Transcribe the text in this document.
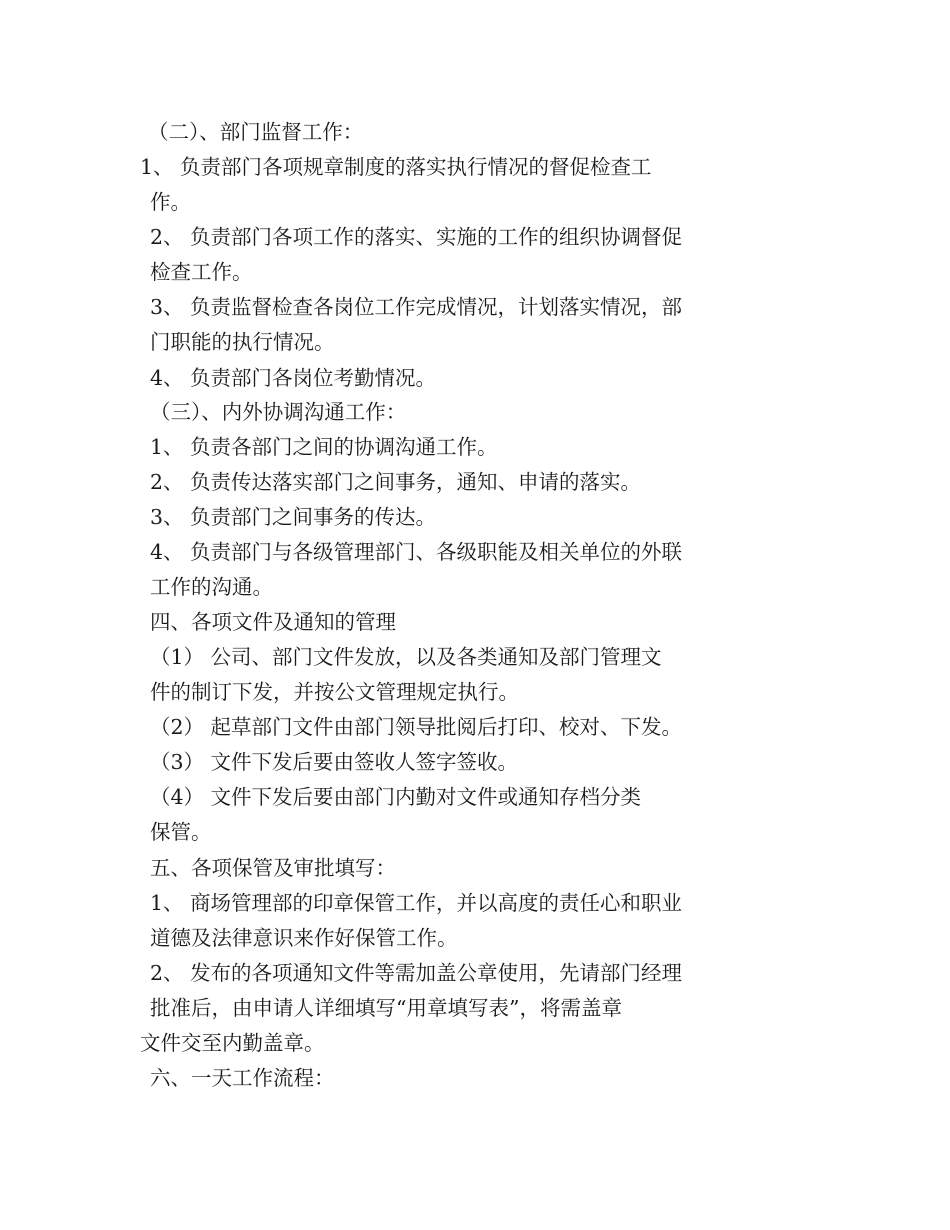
（二）、部门监督工作：
1、 负责部门各项规章制度的落实执行情况的督促检查工
作。
2、 负责部门各项工作的落实、实施的工作的组织协调督促
检查工作。
3、 负责监督检查各岗位工作完成情况，计划落实情况，部
门职能的执行情况。
4、 负责部门各岗位考勤情况。
（三）、内外协调沟通工作：
1、 负责各部门之间的协调沟通工作。
2、 负责传达落实部门之间事务，通知、申请的落实。
3、 负责部门之间事务的传达。
4、 负责部门与各级管理部门、各级职能及相关单位的外联
工作的沟通。
四、各项文件及通知的管理
（1） 公司、部门文件发放，以及各类通知及部门管理文
件的制订下发，并按公文管理规定执行。
（2） 起草部门文件由部门领导批阅后打印、校对、下发。
（3） 文件下发后要由签收人签字签收。
（4） 文件下发后要由部门内勤对文件或通知存档分类
保管。
五、各项保管及审批填写：
1、 商场管理部的印章保管工作，并以高度的责任心和职业
道德及法律意识来作好保管工作。
2、 发布的各项通知文件等需加盖公章使用，先请部门经理
批准后，由申请人详细填写“用章填写表”，将需盖章
文件交至内勤盖章。
六、一天工作流程：
